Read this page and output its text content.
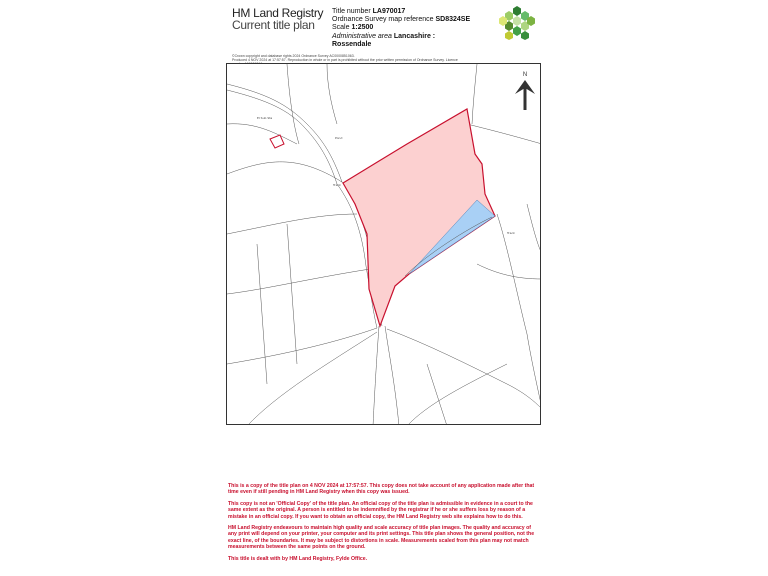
HM Land Registry
Current title plan
Title number LA970017
Ordnance Survey map reference SD8324SE
Scale 1:2500
Administrative area Lancashire :
Rossendale
©Crown copyright and database rights 2024 Ordnance Survey AC0000851063.
Produced 4 NOV 2024 at 17:57:57. Reproduction in whole or in part is prohibited without the prior written permission of Ordnance Survey. Licence
Track
Pond
El Sub Sta
Track
N

This is a copy of the title plan on 4 NOV 2024 at 17:57:57. This copy does not take account of any application made after that time even if still pending in HM Land Registry when this copy was issued.

This copy is not an 'Official Copy' of the title plan. An official copy of the title plan is admissible in evidence in a court to the same extent as the original. A person is entitled to be indemnified by the registrar if he or she suffers loss by reason of a mistake in an official copy. If you want to obtain an official copy, the HM Land Registry web site explains how to do this.

HM Land Registry endeavours to maintain high quality and scale accuracy of title plan images. The quality and accuracy of any print will depend on your printer, your computer and its print settings. This title plan shows the general position, not the exact line, of the boundaries. It may be subject to distortions in scale. Measurements scaled from this plan may not match measurements between the same points on the ground.

This title is dealt with by HM Land Registry, Fylde Office.
